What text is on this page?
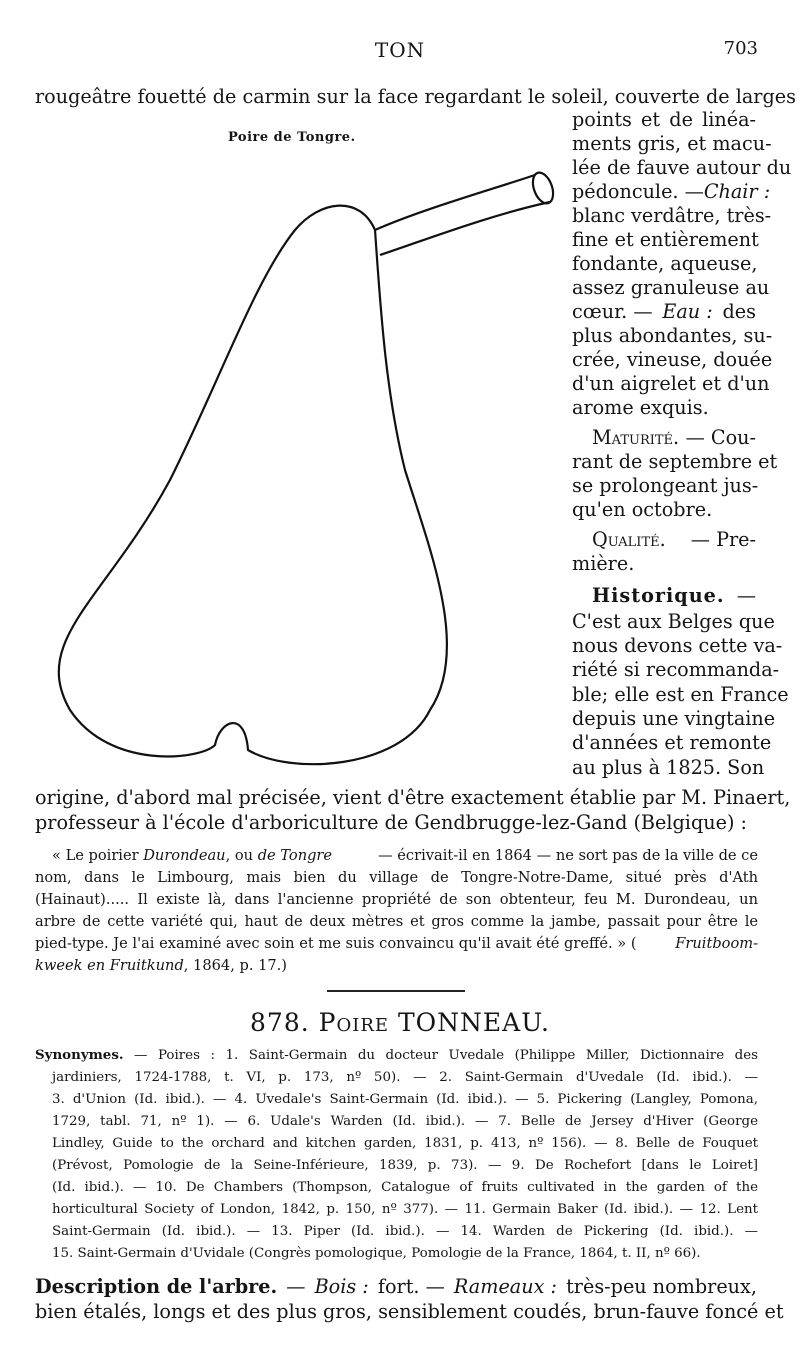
TON	703
rougeâtre fouetté de carmin sur la face regardant le soleil, couverte de larges
Poire de Tongre.
points et de linéa-
ments gris, et macu-
lée de fauve autour du
pédoncule. — Chair :
blanc verdâtre, très-
fine et entièrement
fondante, aqueuse,
assez granuleuse au
cœur. — Eau : des
plus abondantes, su-
crée, vineuse, douée
d'un aigrelet et d'un
arome exquis.
Maturité. — Cou-
rant de septembre et
se prolongeant jus-
qu'en octobre.
Qualité. — Pre-
mière.
Historique. —
C'est aux Belges que
nous devons cette va-
riété si recommanda-
ble; elle est en France
depuis une vingtaine
d'années et remonte
au plus à 1825. Son
origine, d'abord mal précisée, vient d'être exactement établie par M. Pinaert,
professeur à l'école d'arboriculture de Gendbrugge-lez-Gand (Belgique) :
« Le poirier Durondeau, ou de Tongre	— écrivait-il en 1864 — ne sort pas de la ville de ce
nom, dans le Limbourg, mais bien du village de Tongre-Notre-Dame, situé près d'Ath
(Hainaut)..... Il existe là, dans l'ancienne propriété de son obtenteur, feu M. Durondeau, un
arbre de cette variété qui, haut de deux mètres et gros comme la jambe, passait pour être le
pied-type. Je l'ai examiné avec soin et me suis convaincu qu'il avait été greffé. » (	Fruitboom-
kweek en Fruitkund, 1864, p. 17.)
878. Poire TONNEAU.
Synonymes. — Poires : 1. Saint-Germain du docteur Uvedale (Philippe Miller, Dictionnaire des
jardiniers, 1724-1788, t. VI, p. 173, nº 50). — 2. Saint-Germain d'Uvedale (Id. ibid.). —
3. d'Union (Id. ibid.). — 4. Uvedale's Saint-Germain (Id. ibid.). — 5. Pickering (Langley, Pomona,
1729, tabl. 71, nº 1). — 6. Udale's Warden (Id. ibid.). — 7. Belle de Jersey d'Hiver (George
Lindley, Guide to the orchard and kitchen garden, 1831, p. 413, nº 156). — 8. Belle de Fouquet
(Prévost, Pomologie de la Seine-Inférieure, 1839, p. 73). — 9. De Rochefort [dans le Loiret]
(Id. ibid.). — 10. De Chambers (Thompson, Catalogue of fruits cultivated in the garden of the
horticultural Society of London, 1842, p. 150, nº 377). — 11. Germain Baker (Id. ibid.). — 12. Lent
Saint-Germain (Id. ibid.). — 13. Piper (Id. ibid.). — 14. Warden de Pickering (Id. ibid.). —
15. Saint-Germain d'Uvidale (Congrès pomologique, Pomologie de la France, 1864, t. II, nº 66).
Description de l'arbre. — Bois : fort. — Rameaux : très-peu nombreux,
bien étalés, longs et des plus gros, sensiblement coudés, brun-fauve foncé et
